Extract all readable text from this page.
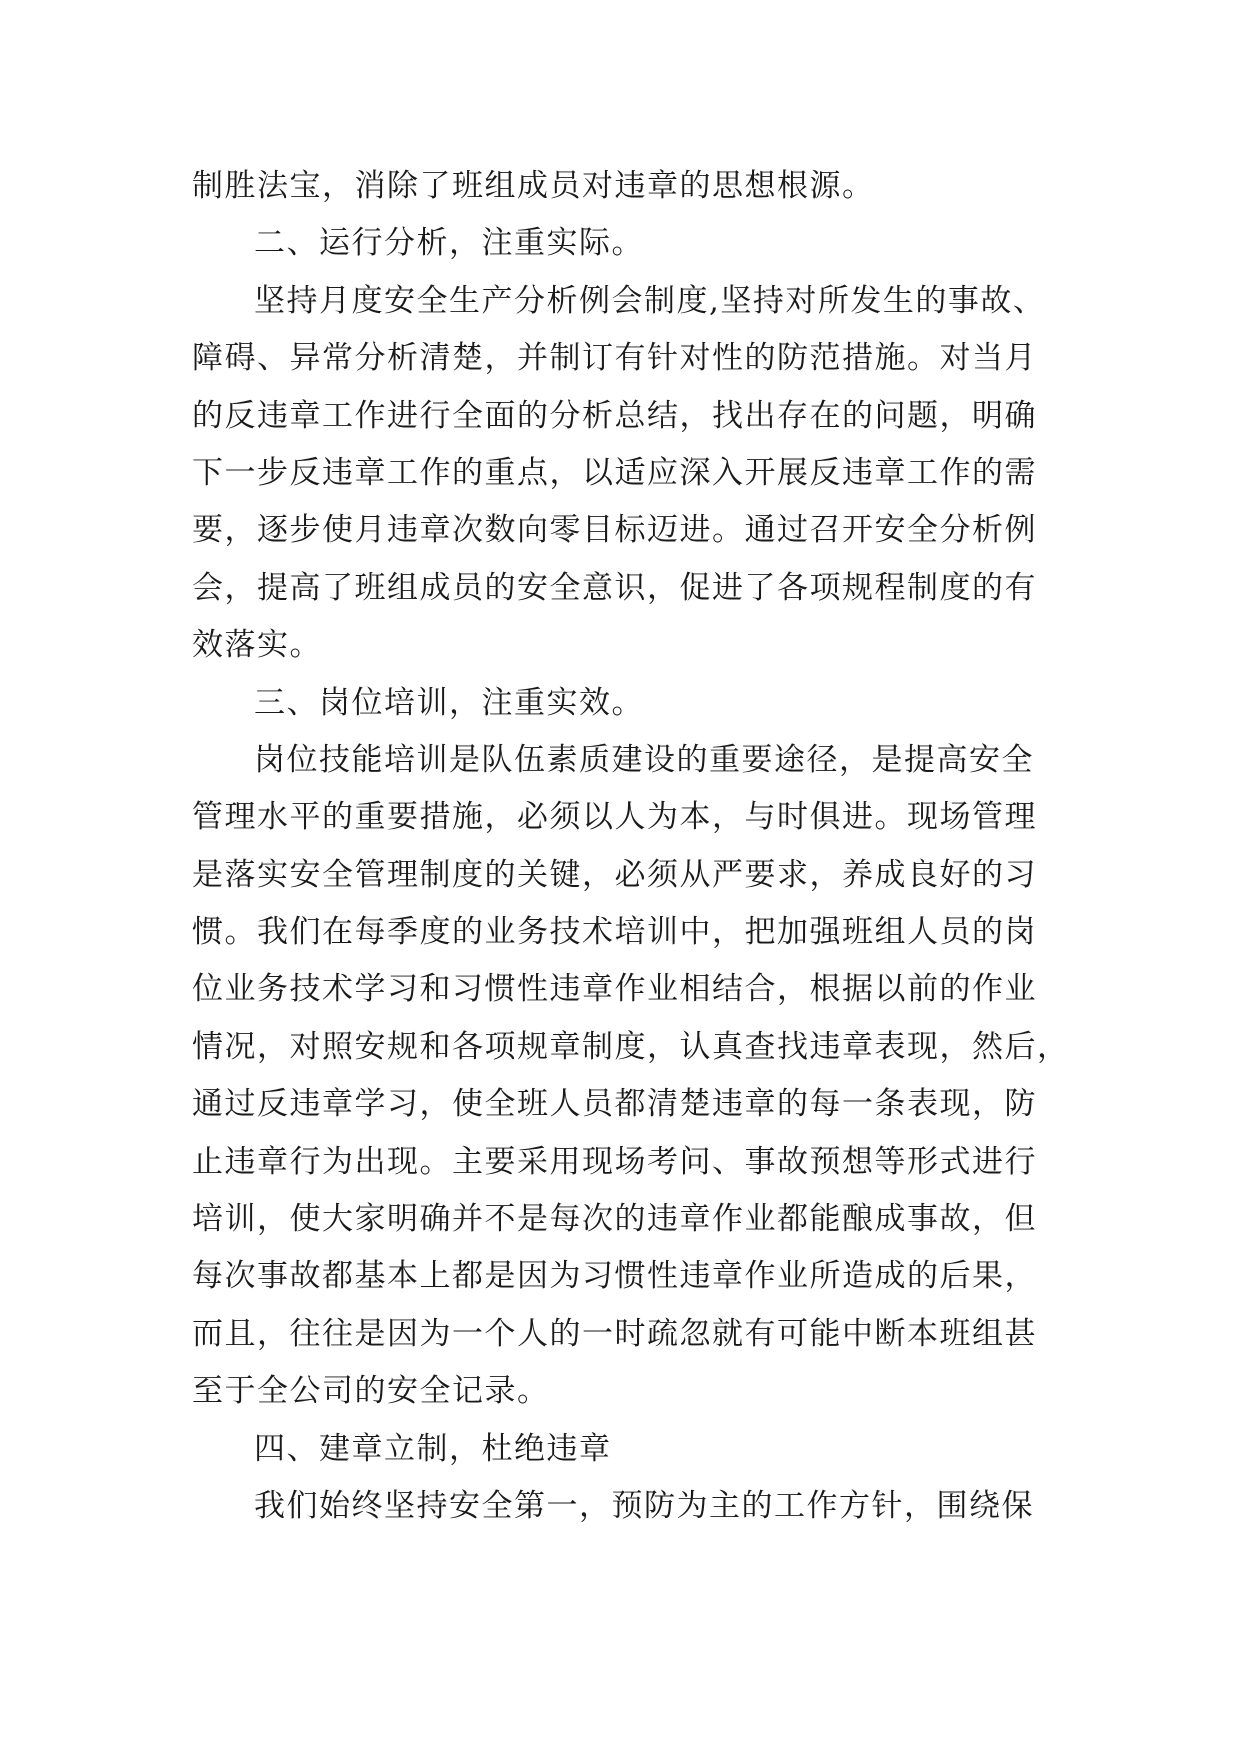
制胜法宝，消除了班组成员对违章的思想根源。

二、运行分析，注重实际。

坚持月度安全生产分析例会制度,坚持对所发生的事故、

障碍、异常分析清楚，并制订有针对性的防范措施。对当月

的反违章工作进行全面的分析总结，找出存在的问题，明确

下一步反违章工作的重点，以适应深入开展反违章工作的需

要，逐步使月违章次数向零目标迈进。通过召开安全分析例

会，提高了班组成员的安全意识，促进了各项规程制度的有

效落实。

三、岗位培训，注重实效。

岗位技能培训是队伍素质建设的重要途径，是提高安全

管理水平的重要措施，必须以人为本，与时俱进。现场管理

是落实安全管理制度的关键，必须从严要求，养成良好的习

惯。我们在每季度的业务技术培训中，把加强班组人员的岗

位业务技术学习和习惯性违章作业相结合，根据以前的作业

情况，对照安规和各项规章制度，认真查找违章表现，然后，

通过反违章学习，使全班人员都清楚违章的每一条表现，防

止违章行为出现。主要采用现场考问、事故预想等形式进行

培训，使大家明确并不是每次的违章作业都能酿成事故，但

每次事故都基本上都是因为习惯性违章作业所造成的后果，

而且，往往是因为一个人的一时疏忽就有可能中断本班组甚

至于全公司的安全记录。

四、建章立制，杜绝违章

我们始终坚持安全第一，预防为主的工作方针，围绕保
